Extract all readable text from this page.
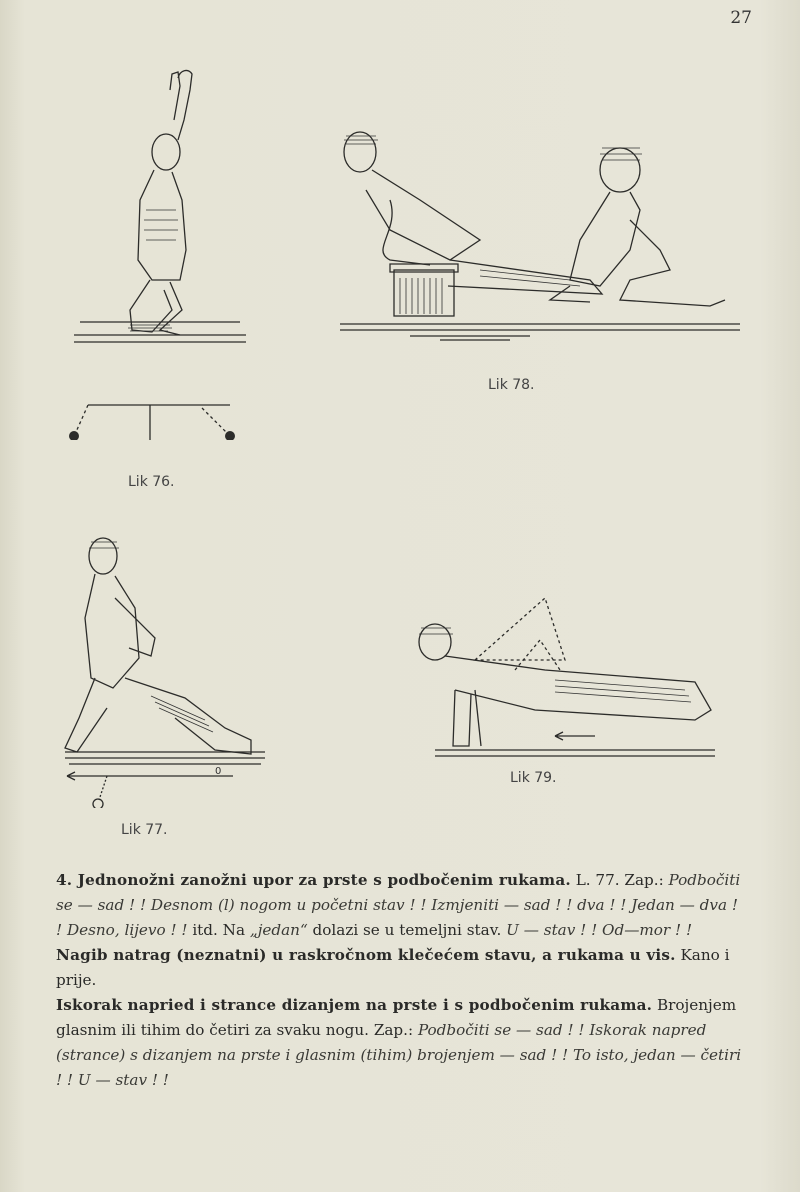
27
Lik 76.
Lik 78.
0
Lik 77.
Lik 79.

4. Jednonožni zanožni upor za prste s podbočenim rukama. L. 77. Zap.: Podbočiti se — sad ! ! Desnom (l) nogom u početni stav ! ! Izmjeniti — sad ! ! dva ! ! Jedan — dva ! ! Desno, lijevo ! ! itd. Na „jedan“ dolazi se u temeljni stav. U — stav ! ! Od—mor ! !

Nagib natrag (neznatni) u raskročnom klečećem stavu, a rukama u vis. Kano i prije.

Iskorak napried i strance dizanjem na prste i s podbočenim rukama. Brojenjem glasnim ili tihim do četiri za svaku nogu. Zap.: Podbočiti se — sad ! ! Iskorak napred (strance) s dizanjem na prste i glasnim (tihim) brojenjem — sad ! ! To isto, jedan — četiri ! ! U — stav ! !
